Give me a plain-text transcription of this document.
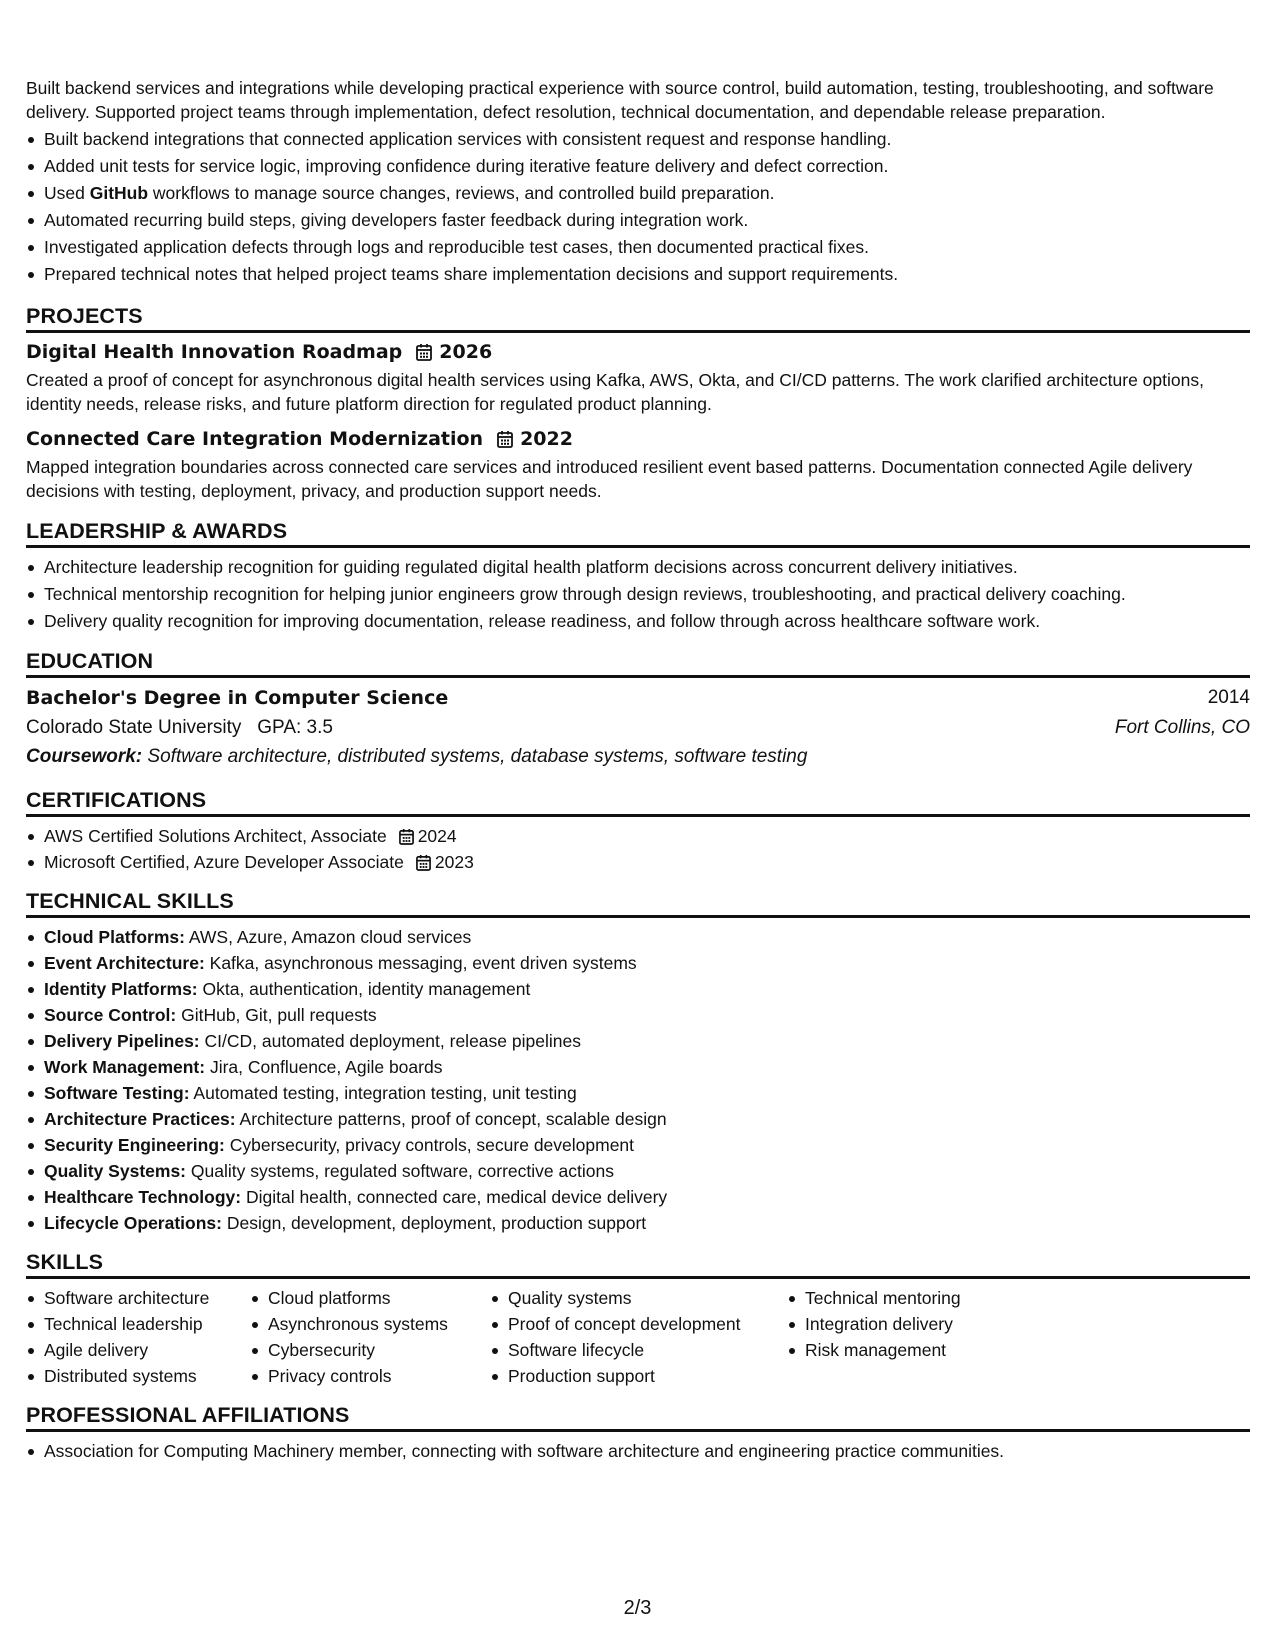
Built backend services and integrations while developing practical experience with source control, build automation, testing, troubleshooting, and software delivery. Supported project teams through implementation, defect resolution, technical documentation, and dependable release preparation.
Built backend integrations that connected application services with consistent request and response handling.
Added unit tests for service logic, improving confidence during iterative feature delivery and defect correction.
Used GitHub workflows to manage source changes, reviews, and controlled build preparation.
Automated recurring build steps, giving developers faster feedback during integration work.
Investigated application defects through logs and reproducible test cases, then documented practical fixes.
Prepared technical notes that helped project teams share implementation decisions and support requirements.
PROJECTS
Digital Health Innovation Roadmap 2026
Created a proof of concept for asynchronous digital health services using Kafka, AWS, Okta, and CI/CD patterns. The work clarified architecture options, identity needs, release risks, and future platform direction for regulated product planning.
Connected Care Integration Modernization 2022
Mapped integration boundaries across connected care services and introduced resilient event based patterns. Documentation connected Agile delivery decisions with testing, deployment, privacy, and production support needs.
LEADERSHIP & AWARDS
Architecture leadership recognition for guiding regulated digital health platform decisions across concurrent delivery initiatives.
Technical mentorship recognition for helping junior engineers grow through design reviews, troubleshooting, and practical delivery coaching.
Delivery quality recognition for improving documentation, release readiness, and follow through across healthcare software work.
EDUCATION
Bachelor's Degree in Computer Science	2014
Colorado State University GPA: 3.5	Fort Collins, CO
Coursework: Software architecture, distributed systems, database systems, software testing
CERTIFICATIONS
AWS Certified Solutions Architect, Associate 2024
Microsoft Certified, Azure Developer Associate 2023
TECHNICAL SKILLS
Cloud Platforms: AWS, Azure, Amazon cloud services
Event Architecture: Kafka, asynchronous messaging, event driven systems
Identity Platforms: Okta, authentication, identity management
Source Control: GitHub, Git, pull requests
Delivery Pipelines: CI/CD, automated deployment, release pipelines
Work Management: Jira, Confluence, Agile boards
Software Testing: Automated testing, integration testing, unit testing
Architecture Practices: Architecture patterns, proof of concept, scalable design
Security Engineering: Cybersecurity, privacy controls, secure development
Quality Systems: Quality systems, regulated software, corrective actions
Healthcare Technology: Digital health, connected care, medical device delivery
Lifecycle Operations: Design, development, deployment, production support
SKILLS
Software architecture
Technical leadership
Agile delivery
Distributed systems
Cloud platforms
Asynchronous systems
Cybersecurity
Privacy controls
Quality systems
Proof of concept development
Software lifecycle
Production support
Technical mentoring
Integration delivery
Risk management
PROFESSIONAL AFFILIATIONS
Association for Computing Machinery member, connecting with software architecture and engineering practice communities.
2/3
